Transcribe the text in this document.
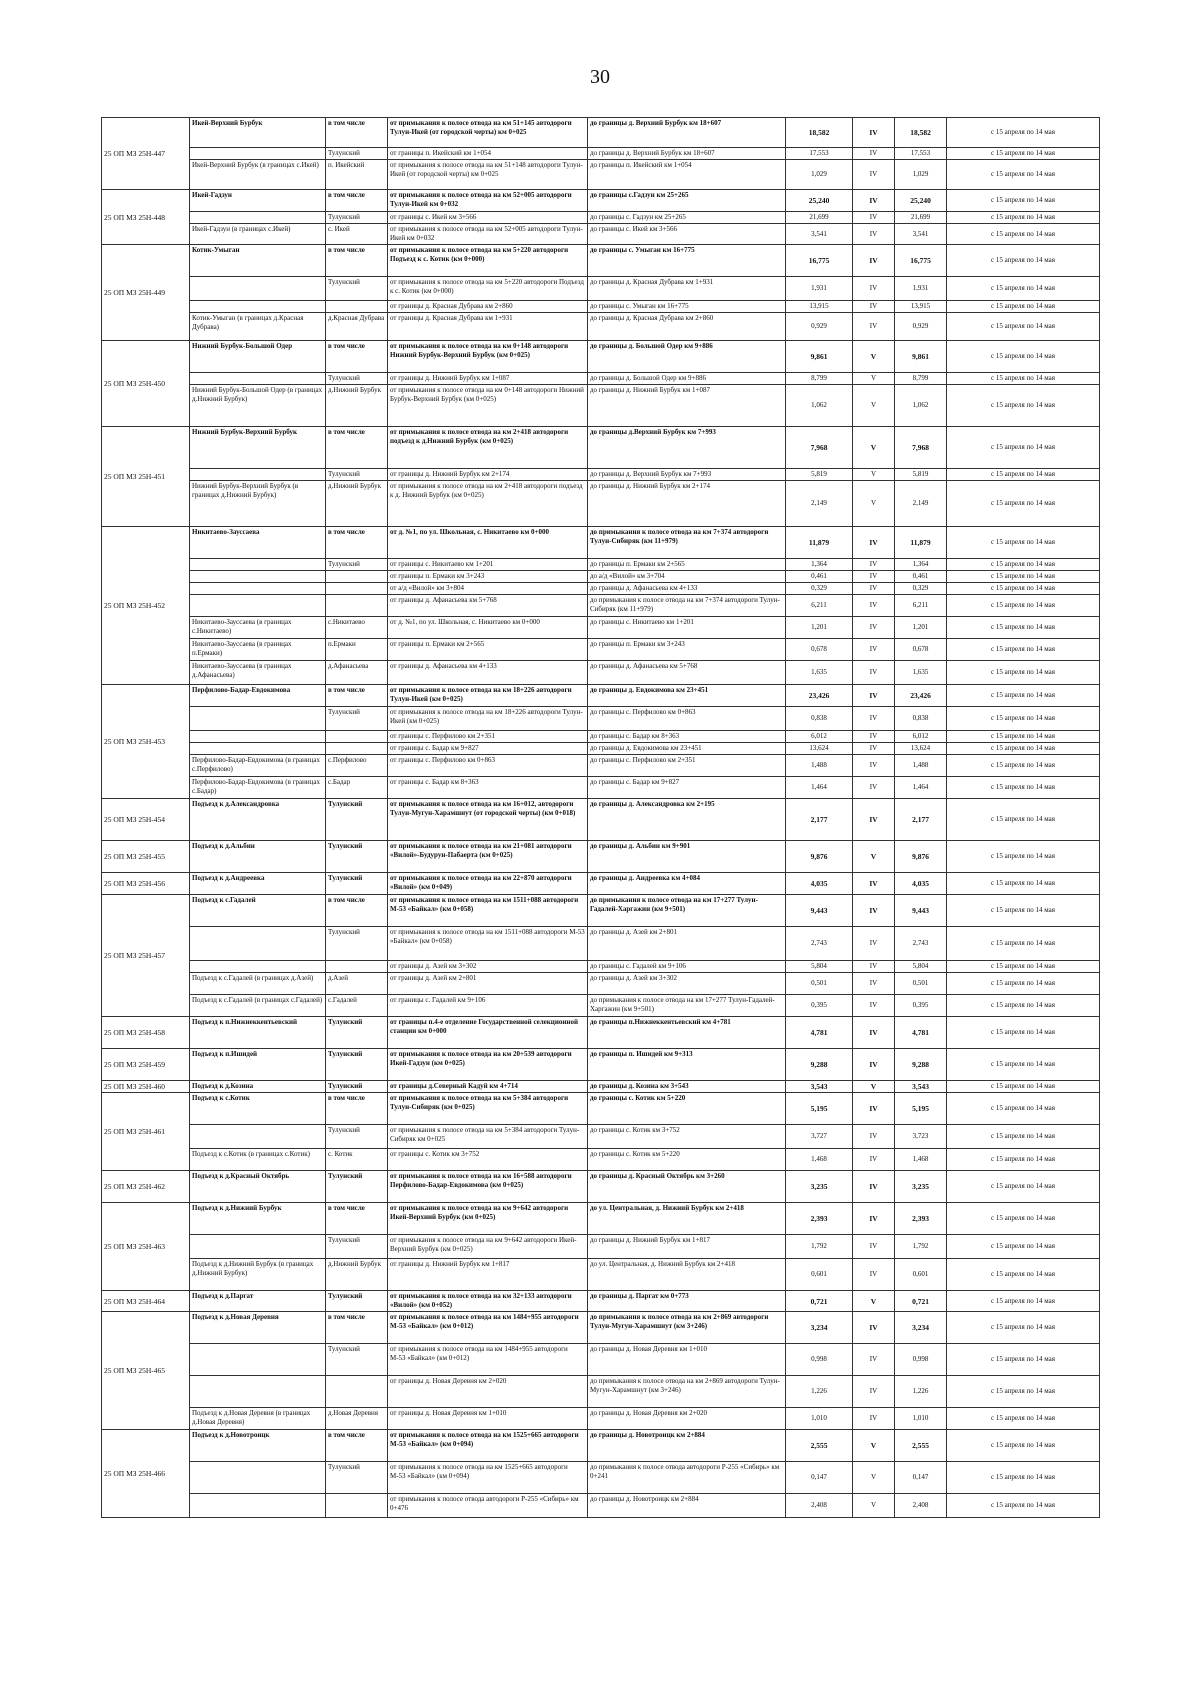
30
25 ОП МЗ 25Н-447	Икей-Верхний Бурбук	в том числе	от примыкания к полосе отвода на км 51+145 автодороги Тулун-Икей (от городской черты) км 0+025	до границы д. Верхний Бурбук км 18+607	18,582	IV	18,582	с 15 апреля по 14 мая
		Тулунский	от границы п. Икейский км 1+054	до границы д. Верхний Бурбук км 18+607	17,553	IV	17,553	с 15 апреля по 14 мая
	Икей-Верхний Бурбук (в границах с.Икей)	п. Икейский	от примыкания к полосе отвода на км 51+148 автодороги Тулун-Икей (от городской черты) км 0+025	до границы п. Икейский км 1+054	1,029	IV	1,029	с 15 апреля по 14 мая
25 ОП МЗ 25Н-448	Икей-Гадзун	в том числе	от примыкания к полосе отвода на км 52+005 автодороги Тулун-Икей км 0+032	до границы с.Гадзун км 25+265	25,240	IV	25,240	с 15 апреля по 14 мая
		Тулунский	от границы с. Икей км 3+566	до границы с. Гадзун км 25+265	21,699	IV	21,699	с 15 апреля по 14 мая
	Икей-Гадзун (в границах с.Икей)	с. Икей	от примыкания к полосе отвода на км 52+005 автодороги Тулун-Икей км 0+032	до границы с. Икей км 3+566	3,541	IV	3,541	с 15 апреля по 14 мая
25 ОП МЗ 25Н-449	Котик-Умыган	в том числе	от примыкания к полосе отвода на км 5+220 автодороги Подъезд к с. Котик (км 0+000)	до границы с. Умыган км 16+775	16,775	IV	16,775	с 15 апреля по 14 мая
		Тулунский	от примыкания к полосе отвода на км 5+220 автодороги Подъезд к с. Котик (км 0+000)	до границы д. Красная Дубрава км 1+931	1,931	IV	1,931	с 15 апреля по 14 мая
			от границы д. Красная Дубрава км 2+860	до границы с. Умыган км 16+775	13,915	IV	13,915	с 15 апреля по 14 мая
	Котик-Умыган (в границах д.Красная Дубрава)	д.Красная Дубрава	от границы д. Красная Дубрава км 1+931	до границы д. Красная Дубрава км 2+860	0,929	IV	0,929	с 15 апреля по 14 мая
25 ОП МЗ 25Н-450	Нижний Бурбук-Большой Одер	в том числе	от примыкания к полосе отвода на км 0+148 автодороги Нижний Бурбук-Верхний Бурбук (км 0+025)	до границы д. Большой Одер км 9+886	9,861	V	9,861	с 15 апреля по 14 мая
		Тулунский	от границы д. Нижний Бурбук км 1+087	до границы д. Большой Одер км 9+886	8,799	V	8,799	с 15 апреля по 14 мая
	Нижний Бурбук-Большой Одер (в границах д.Нижний Бурбук)	д.Нижний Бурбук	от примыкания к полосе отвода на км 0+148 автодороги Нижний Бурбук-Верхний Бурбук (км 0+025)	до границы д. Нижний Бурбук км 1+087	1,062	V	1,062	с 15 апреля по 14 мая
25 ОП МЗ 25Н-451	Нижний Бурбук-Верхний Бурбук	в том числе	от примыкания к полосе отвода на км 2+418 автодороги подъезд к д.Нижний Бурбук (км 0+025)	до границы д.Верхний Бурбук км 7+993	7,968	V	7,968	с 15 апреля по 14 мая
		Тулунский	от границы д. Нижний Бурбук км 2+174	до границы д. Верхний Бурбук км 7+993	5,819	V	5,819	с 15 апреля по 14 мая
	Нижний Бурбук-Верхний Бурбук (в границах д.Нижний Бурбук)	д.Нижний Бурбук	от примыкания к полосе отвода на км 2+418 автодороги подъезд к д. Нижний Бурбук (км 0+025)	до границы д. Нижний Бурбук км 2+174	2,149	V	2,149	с 15 апреля по 14 мая
25 ОП МЗ 25Н-452	Никитаево-Зауссаева	в том числе	от д. №1, по ул. Школьная, с. Никитаево км 0+000	до примыкания к полосе отвода на км 7+374 автодороги Тулун-Сибиряк (км 11+979)	11,879	IV	11,879	с 15 апреля по 14 мая
		Тулунский	от границы с. Никитаево км 1+201	до границы п. Ермаки км 2+565	1,364	IV	1,364	с 15 апреля по 14 мая
			от границы п. Ермаки км 3+243	до а/д «Вилой» км 3+704	0,461	IV	0,461	с 15 апреля по 14 мая
			от а/д «Вилой» км 3+804	до границы д. Афанасьева км 4+133	0,329	IV	0,329	с 15 апреля по 14 мая
			от границы д. Афанасьева км 5+768	до примыкания к полосе отвода на км 7+374 автодороги Тулун-Сибиряк (км 11+979)	6,211	IV	6,211	с 15 апреля по 14 мая
	Никитаево-Зауссаева (в границах с.Никитаево)	с.Никитаево	от д. №1, по ул. Школьная, с. Никитаево км 0+000	до границы с. Никитаево км 1+201	1,201	IV	1,201	с 15 апреля по 14 мая
	Никитаево-Зауссаева (в границах п.Ермаки)	п.Ермаки	от границы п. Ермаки км 2+565	до границы п. Ермаки км 3+243	0,678	IV	0,678	с 15 апреля по 14 мая
	Никитаево-Зауссаева (в границах д.Афанасьева)	д.Афанасьева	от границы д. Афанасьева км 4+133	до границы д. Афанасьева км 5+768	1,635	IV	1,635	с 15 апреля по 14 мая
25 ОП МЗ 25Н-453	Перфилово-Бадар-Евдокимова	в том числе	от примыкания к полосе отвода на км 18+226 автодороги Тулун-Икей (км 0+025)	до границы д. Евдокимова км 23+451	23,426	IV	23,426	с 15 апреля по 14 мая
		Тулунский	от примыкания к полосе отвода на км 18+226 автодороги Тулун-Икей (км 0+025)	до границы с. Перфилово км 0+863	0,838	IV	0,838	с 15 апреля по 14 мая
			от границы с. Перфилово км 2+351	до границы с. Бадар км 8+363	6,012	IV	6,012	с 15 апреля по 14 мая
			от границы с. Бадар км 9+827	до границы д. Евдокимова км 23+451	13,624	IV	13,624	с 15 апреля по 14 мая
	Перфилово-Бадар-Евдокимова (в границах с.Перфилово)	с.Перфилово	от границы с. Перфилово км 0+863	до границы с. Перфилово км 2+351	1,488	IV	1,488	с 15 апреля по 14 мая
	Перфилово-Бадар-Евдокимова (в границах с.Бадар)	с.Бадар	от границы с. Бадар км 8+363	до границы с. Бадар км 9+827	1,464	IV	1,464	с 15 апреля по 14 мая
25 ОП МЗ 25Н-454	Подъезд к д.Александровка	Тулунский	от примыкания к полосе отвода на км 16+012, автодороги Тулун-Мугун-Харамшнут (от городской черты) (км 0+018)	до границы д. Александровка км 2+195	2,177	IV	2,177	с 15 апреля по 14 мая
25 ОП МЗ 25Н-455	Подъезд к д.Альбин	Тулунский	от примыкания к полосе отвода на км 21+081 автодороги «Вилой»-Будурун-Пабаерта (км 0+025)	до границы д. Альбин км 9+901	9,876	V	9,876	с 15 апреля по 14 мая
25 ОП МЗ 25Н-456	Подъезд к д.Андреевка	Тулунский	от примыкания к полосе отвода на км 22+870 автодороги «Вилой» (км 0+049)	до границы д. Андреевка км 4+084	4,035	IV	4,035	с 15 апреля по 14 мая
25 ОП МЗ 25Н-457	Подъезд к с.Гадалей	в том числе	от примыкания к полосе отвода на км 1511+088 автодороги М-53 «Байкал» (км 0+058)	до примыкания к полосе отвода на км 17+277 Тулун-Гадалей-Харгажин (км 9+501)	9,443	IV	9,443	с 15 апреля по 14 мая
		Тулунский	от примыкания к полосе отвода на км 1511+088 автодороги М-53 «Байкал» (км 0+058)	до границы д. Азей км 2+801	2,743	IV	2,743	с 15 апреля по 14 мая
			от границы д. Азей км 3+302	до границы с. Гадалей км 9+106	5,804	IV	5,804	с 15 апреля по 14 мая
	Подъезд к с.Гадалей (в границах д.Азей)	д.Азей	от границы д. Азей км 2+801	до границы д. Азей км 3+302	0,501	IV	0,501	с 15 апреля по 14 мая
	Подъезд к с.Гадалей (в границах с.Гадалей)	с.Гадалей	от границы с. Гадалей км 9+106	до примыкания к полосе отвода на км 17+277 Тулун-Гадалей-Харгажин (км 9+501)	0,395	IV	0,395	с 15 апреля по 14 мая
25 ОП МЗ 25Н-458	Подъезд к п.Нижнеккентьевский	Тулунский	от границы п.4-е отделение Государственной селекционной станции км 0+000	до границы п.Нижнеккентьевский км 4+781	4,781	IV	4,781	с 15 апреля по 14 мая
25 ОП МЗ 25Н-459	Подъезд к п.Ишидей	Тулунский	от примыкания к полосе отвода на км 20+539 автодороги Икей-Гадзун (км 0+025)	до границы п. Ишидей км 9+313	9,288	IV	9,288	с 15 апреля по 14 мая
25 ОП МЗ 25Н-460	Подъезд к д.Козина	Тулунский	от границы д.Северный Кадуй км 4+714	до границы д. Козина км 3+543	3,543	V	3,543	с 15 апреля по 14 мая
25 ОП МЗ 25Н-461	Подъезд к с.Котик	в том числе	от примыкания к полосе отвода на км 5+384 автодороги Тулун-Сибиряк (км 0+025)	до границы с. Котик км 5+220	5,195	IV	5,195	с 15 апреля по 14 мая
		Тулунский	от примыкания к полосе отвода на км 5+384 автодороги Тулун-Сибиряк км 0+025	до границы с. Котик км 3+752	3,727	IV	3,723	с 15 апреля по 14 мая
	Подъезд к с.Котик (в границах с.Котик)	с. Котик	от границы с. Котик км 3+752	до границы с. Котик км 5+220	1,468	IV	1,468	с 15 апреля по 14 мая
25 ОП МЗ 25Н-462	Подъезд к д.Красный Октябрь	Тулунский	от примыкания к полосе отвода на км 16+588 автодороги Перфилово-Бадар-Евдокимова (км 0+025)	до границы д. Красный Октябрь км 3+260	3,235	IV	3,235	с 15 апреля по 14 мая
25 ОП МЗ 25Н-463	Подъезд к д.Нижний Бурбук	в том числе	от примыкания к полосе отвода на км 9+642 автодороги Икей-Верхний Бурбук (км 0+025)	до ул. Центральная, д. Нижний Бурбук км 2+418	2,393	IV	2,393	с 15 апреля по 14 мая
		Тулунский	от примыкания к полосе отвода на км 9+642 автодороги Икей-Верхний Бурбук (км 0+025)	до границы д. Нижний Бурбук км 1+817	1,792	IV	1,792	с 15 апреля по 14 мая
	Подъезд к д.Нижний Бурбук (в границах д.Нижний Бурбук)	д.Нижний Бурбук	от границы д. Нижний Бурбук км 1+817	до ул. Центральная, д. Нижний Бурбук км 2+418	0,601	IV	0,601	с 15 апреля по 14 мая
25 ОП МЗ 25Н-464	Подъезд к д.Паргат	Тулунский	от примыкания к полосе отвода на км 32+133 автодороги «Вилой» (км 0+052)	до границы д. Паргат км 0+773	0,721	V	0,721	с 15 апреля по 14 мая
25 ОП МЗ 25Н-465	Подъезд к д.Новая Деревня	в том числе	от примыкания к полосе отвода на км 1484+955 автодороги М-53 «Байкал» (км 0+012)	до примыкания к полосе отвода на км 2+869 автодороги Тулун-Мугун-Харамшнут (км 3+246)	3,234	IV	3,234	с 15 апреля по 14 мая
		Тулунский	от примыкания к полосе отвода на км 1484+955 автодороги М-53 «Байкал» (км 0+012)	до границы д. Новая Деревня км 1+010	0,998	IV	0,998	с 15 апреля по 14 мая
			от границы д. Новая Деревня км 2+020	до примыкания к полосе отвода на км 2+869 автодороги Тулун-Мугун-Харамшнут (км 3+246)	1,226	IV	1,226	с 15 апреля по 14 мая
	Подъезд к д.Новая Деревня (в границах д.Новая Деревня)	д.Новая Деревня	от границы д. Новая Деревня км 1+010	до границы д. Новая Деревня км 2+020	1,010	IV	1,010	с 15 апреля по 14 мая
25 ОП МЗ 25Н-466	Подъезд к д.Новотроицк	в том числе	от примыкания к полосе отвода на км 1525+665 автодороги М-53 «Байкал» (км 0+094)	до границы д. Новотроицк км 2+884	2,555	V	2,555	с 15 апреля по 14 мая
		Тулунский	от примыкания к полосе отвода на км 1525+665 автодороги М-53 «Байкал» (км 0+094)	до примыкания к полосе отвода автодороги Р-255 «Сибирь» км 0+241	0,147	V	0,147	с 15 апреля по 14 мая
			от примыкания к полосе отвода автодороги Р-255 «Сибирь» км 0+476	до границы д. Новотроицк км 2+884	2,408	V	2,408	с 15 апреля по 14 мая
